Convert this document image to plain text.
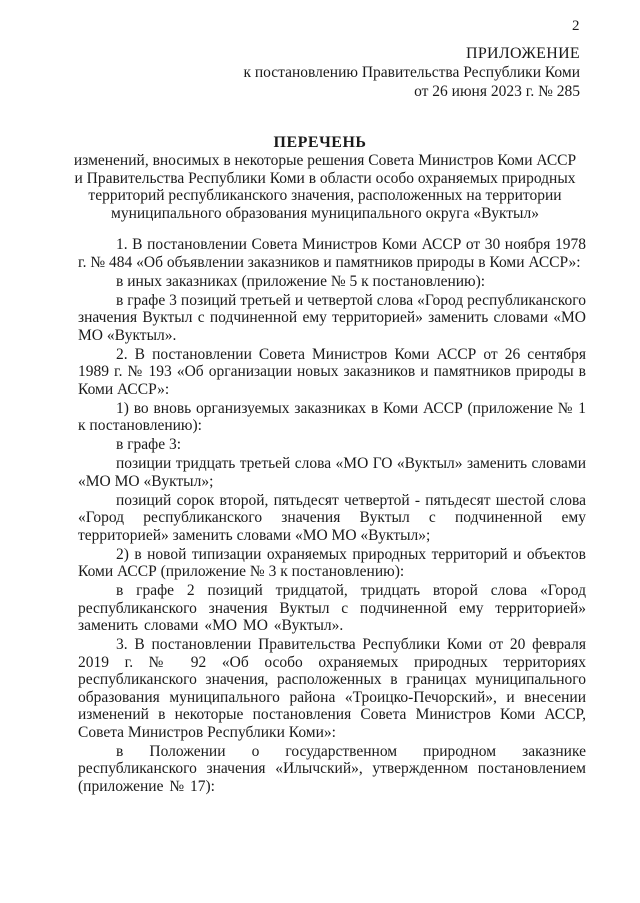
2
ПРИЛОЖЕНИЕ
к постановлению Правительства Республики Коми
от 26 июня 2023 г. № 285
ПЕРЕЧЕНЬ
изменений, вносимых в некоторые решения Совета Министров Коми АССР и Правительства Республики Коми в области особо охраняемых природных территорий республиканского значения, расположенных на территории муниципального образования муниципального округа «Вуктыл»

1. В постановлении Совета Министров Коми АССР от 30 ноября 1978 г. № 484 «Об объявлении заказников и памятников природы в Коми АССР»:

в иных заказниках (приложение № 5 к постановлению):

в графе 3 позиций третьей и четвертой слова «Город республиканского значения Вуктыл с подчиненной ему территорией» заменить словами «МО МО «Вуктыл».

2. В постановлении Совета Министров Коми АССР от 26 сентября 1989 г. № 193 «Об организации новых заказников и памятников природы в Коми АССР»:

1) во вновь организуемых заказниках в Коми АССР (приложение № 1 к постановлению):

в графе 3:

позиции тридцать третьей слова «МО ГО «Вуктыл» заменить словами «МО МО «Вуктыл»;

позиций сорок второй, пятьдесят четвертой - пятьдесят шестой слова «Город республиканского значения Вуктыл с подчиненной ему территорией» заменить словами «МО МО «Вуктыл»;

2) в новой типизации охраняемых природных территорий и объектов Коми АССР (приложение № 3 к постановлению):

в графе 2 позиций тридцатой, тридцать второй слова «Город республиканского значения Вуктыл с подчиненной ему территорией» заменить словами «МО МО «Вуктыл».

3. В постановлении Правительства Республики Коми от 20 февраля 2019 г. № 92 «Об особо охраняемых природных территориях республиканского значения, расположенных в границах муниципального образования муниципального района «Троицко-Печорский», и внесении изменений в некоторые постановления Совета Министров Коми АССР, Совета Министров Республики Коми»:

в Положении о государственном природном заказнике республиканского значения «Илычский», утвержденном постановлением (приложение № 17):
